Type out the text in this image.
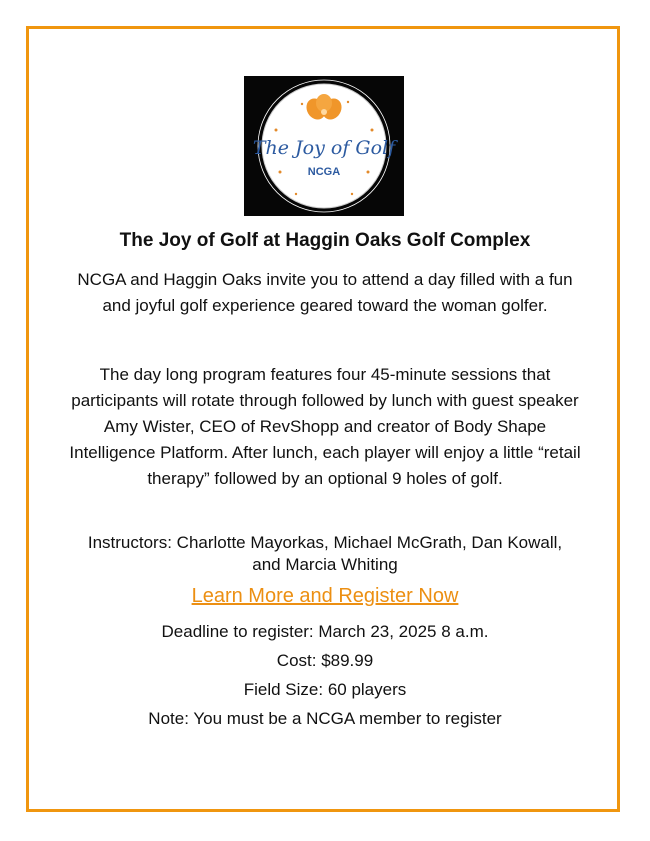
The Joy of Golf
NCGA
The Joy of Golf at Haggin Oaks Golf Complex
NCGA and Haggin Oaks invite you to attend a day filled with a fun and joyful golf experience geared toward the woman golfer.
The day long program features four 45-minute sessions that participants will rotate through followed by lunch with guest speaker Amy Wister, CEO of RevShopp and creator of Body Shape Intelligence Platform. After lunch, each player will enjoy a little “retail therapy” followed by an optional 9 holes of golf.
Instructors: Charlotte Mayorkas, Michael McGrath, Dan Kowall, and Marcia Whiting
Learn More and Register Now
Deadline to register: March 23, 2025 8 a.m.
Cost: $89.99
Field Size: 60 players
Note: You must be a NCGA member to register
